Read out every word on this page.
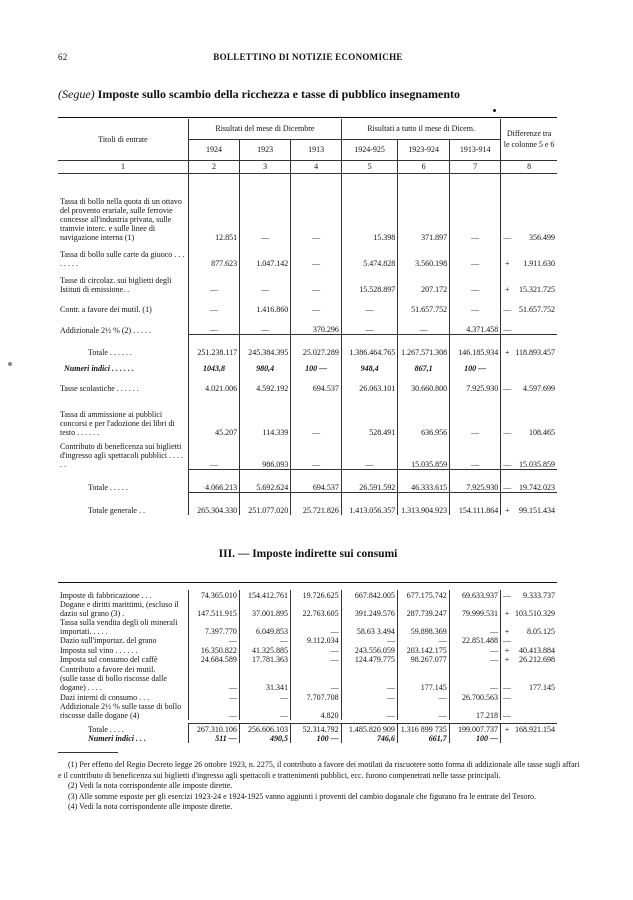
62	BOLLETTINO DI NOTIZIE ECONOMICHE
(Segue) Imposte sullo scambio della ricchezza e tasse di pubblico insegnamento

Titoli di entrate	Risultati del mese di Dicembre			Risultati a tutto il mese di Dicem.			Differenze tra le colonne 5 e 6	
	1924	1923	1913	1924-925	1923-924	1913-914		
1	2	3	4	5	6	7	8	

Tassa di bollo nella quota di un ottavo del provento erariale, sulle ferrovie concesse all'industria privata, sulle tramvie interc. e sulle linee di navigazione interna (1)	12.851	—	—	15.398	371.897	—	—	356.499
Tassa di bollo sulle carte da giuoco . . . . . . . .	877.623	1.047.142	—	5.474.828	3.560.198	—	+	1.911.630
Tasse di circolaz. sui biglietti degli Istituti di emissione. .	—	—	—	15.528.897	207.172	—	+	15.321.725
Contr. a favore dei mutil. (1)	—	1.416.860	—	—	51.657.752	—	—	51.657.752
Addizionale 2½ % (2) . . . . .	—	—	370.296	—	—	4.371.458	—	
Totale . . . . . .	251.238.117	245.384.395	25.027.289	1.386.464.765	1.267.571.308	146.185.934	+	118.893.457
Numeri indici . . . . . .	1043,8	980,4	100 —	948,4	867,1	100 —		
Tasse scolastiche . . . . . .	4.021.006	4.592.192	694.537	26.063.101	30.660.800	7.925.930	—	4.597.699
Tassa di ammissione ai pubblici concorsi e per l'adozione dei libri di testo . . . . . .	45.207	114.339	—	528.491	636.956	—	—	108.465
Contributo di beneficenza sui biglietti d'ingresso agli spettacoli pubblici . . . . . .	—	986.093	—	—	15.035.859	—	—	15.035.859
Totale . . . . .	4.066.213	5.692.624	694.537	26.591.592	46.333.615	7.925.930	—	19.742.023
Totale generale . .	265.304.330	251.077.020	25.721.826	1.413.056.357	1.313.904.923	154.111.864	+	99.151.434
III. — Imposte indirette sui consumi

Imposte di fabbricazione . . .	74.365.010	154.412.761	19.726.625	667.842.005	677.175.742	69.633.937	—	9.333.737
Dogane e diritti marittimi, (escluso il dazio sul grano (3) .	147.511.915	37.001.895	22.763.605	391.249.576	287.739.247	79.999.531	+	103.510.329
Tassa sulla vendita degli oli minerali importati. . . . .	7.397.770	6.049.853	—	58.63 3.494	59.898.369	—	+	8.05.125
Dazio sull'importaz. del grano	—	—	9.112.034	—	—	22.851.488	—	
Imposta sul vino . . . . . .	16.350.822	41.325.885	—	243.556.059	203.142.175	—	+	40.413.884
Imposta sul consumo del caffè	24.684.589	17.781.363	—	124.479.775	98.267.077	—	+	26.212.698
Contributo a favore dei mutil.								
(sulle tasse di bollo riscosse dalle dogane) . . . .	—	31.341	—	—	177.145	—	—	177.145
Dazi interni di consumo . . .	—	—	7.707.708	—	—	26.700.563	—	
Addizionale 2½ % sulle tasse di bollo riscosse dalle dogane (4)	—	—	4.820	—	—	17.218	—	

Totale . . . .	267.310.106	256.606.103	52.314.792	1.485.820 909	1.316 899 735	199.007.737	+	168.921.154
Numeri indici . . .	511 —	490,5	100 —	746,6	661,7	100 —		

(1) Per effetto del Regio Decreto legge 26 ottobre 1923, n. 2275, il contributo a favore dei motilati da riscuotere sotto forma di addizionale alle tasse sugli affari e il contributo di beneficenza sui biglietti d'ingresso agli spettacoli e trattenimenti pubblici, ecc. furono compenetrati nelle tasse principali.

(2) Vedi la nota corrispondente alle imposte dirette.

(3) Alle somme esposte per gli esercizi 1923-24 e 1924-1925 vanno aggiunti i proventi del cambio doganale che figurano fra le entrate del Tesoro.

(4) Vedi la nota corrispondente alle imposte dirette.
